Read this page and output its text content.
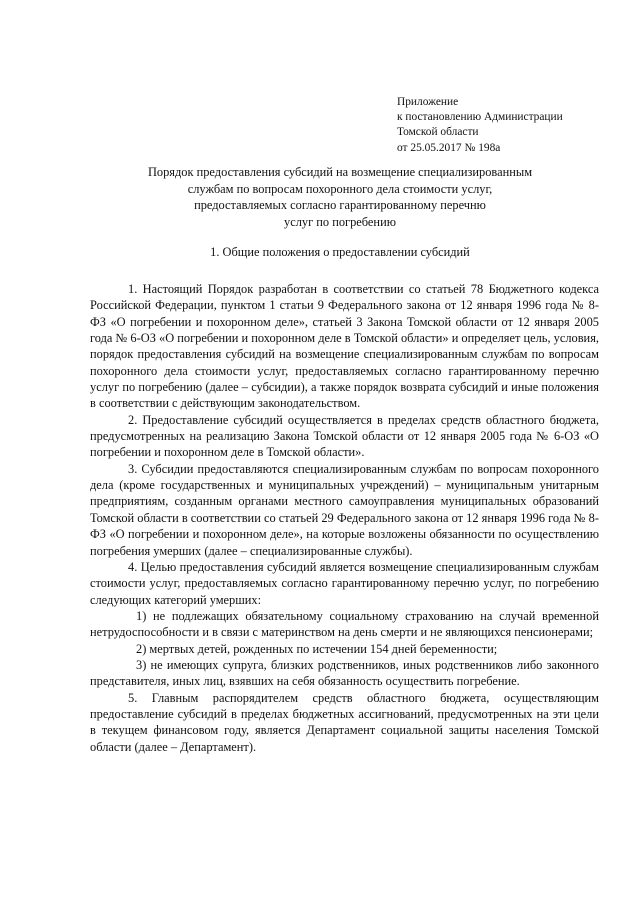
Приложение
к постановлению Администрации
Томской области
от 25.05.2017 № 198а
Порядок предоставления субсидий на возмещение специализированным
службам по вопросам похоронного дела стоимости услуг,
предоставляемых согласно гарантированному перечню
услуг по погребению
1. Общие положения о предоставлении субсидий

1. Настоящий Порядок разработан в соответствии со статьей 78 Бюджетного кодекса Российской Федерации, пунктом 1 статьи 9 Федерального закона от 12 января 1996 года № 8-ФЗ «О погребении и похоронном деле», статьей 3 Закона Томской области от 12 января 2005 года № 6-ОЗ «О погребении и похоронном деле в Томской области» и определяет цель, условия, порядок предоставления субсидий на возмещение специализированным службам по вопросам похоронного дела стоимости услуг, предоставляемых согласно гарантированному перечню услуг по погребению (далее – субсидии), а также порядок возврата субсидий и иные положения в соответствии с действующим законодательством.

2. Предоставление субсидий осуществляется в пределах средств областного бюджета, предусмотренных на реализацию Закона Томской области от 12 января 2005 года № 6-ОЗ «О погребении и похоронном деле в Томской области».

3. Субсидии предоставляются специализированным службам по вопросам похоронного дела (кроме государственных и муниципальных учреждений) – муниципальным унитарным предприятиям, созданным органами местного самоуправления муниципальных образований Томской области в соответствии со статьей 29 Федерального закона от 12 января 1996 года № 8-ФЗ «О погребении и похоронном деле», на которые возложены обязанности по осуществлению погребения умерших (далее – специализированные службы).

4. Целью предоставления субсидий является возмещение специализированным службам стоимости услуг, предоставляемых согласно гарантированному перечню услуг, по погребению следующих категорий умерших:

1) не подлежащих обязательному социальному страхованию на случай временной нетрудоспособности и в связи с материнством на день смерти и не являющихся пенсионерами;

2) мертвых детей, рожденных по истечении 154 дней беременности;

3) не имеющих супруга, близких родственников, иных родственников либо законного представителя, иных лиц, взявших на себя обязанность осуществить погребение.

5. Главным распорядителем средств областного бюджета, осуществляющим предоставление субсидий в пределах бюджетных ассигнований, предусмотренных на эти цели в текущем финансовом году, является Департамент социальной защиты населения Томской области (далее – Департамент).
